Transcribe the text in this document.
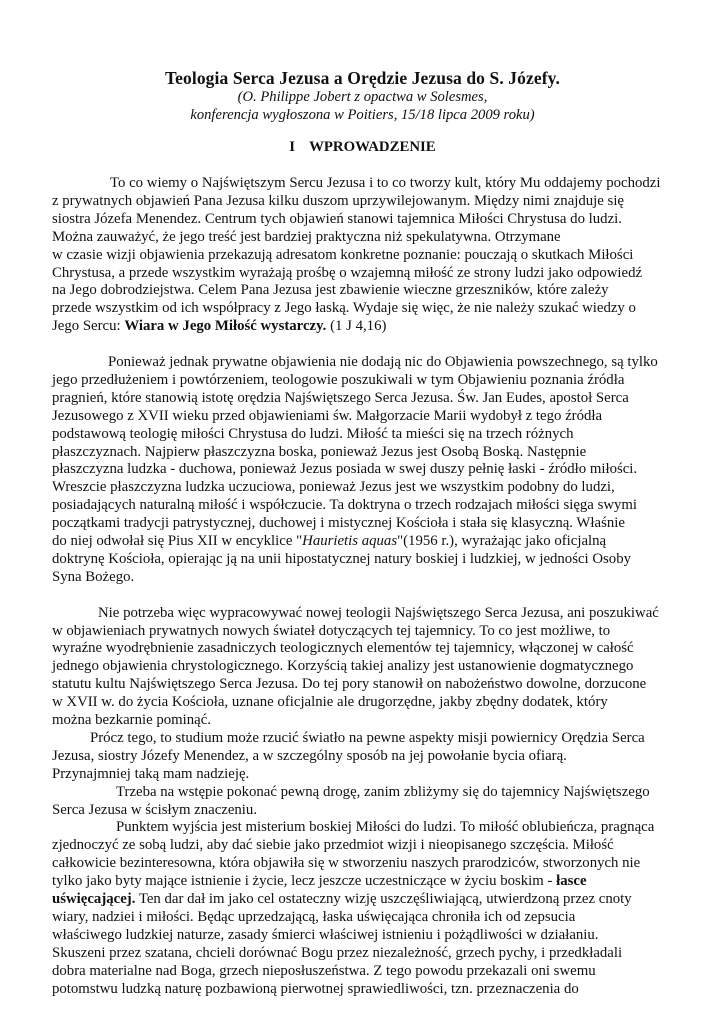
Teologia Serca Jezusa a Orędzie Jezusa do S. Józefy.
(O. Philippe Jobert z opactwa w Solesmes,
konferencja wygłoszona w Poitiers, 15/18 lipca 2009 roku)
I WPROWADZENIE
To co wiemy o Najświętszym Sercu Jezusa i to co tworzy kult, który Mu oddajemy pochodzi
z prywatnych objawień Pana Jezusa kilku duszom uprzywilejowanym. Między nimi znajduje się
siostra Józefa Menendez. Centrum tych objawień stanowi tajemnica Miłości Chrystusa do ludzi.
Można zauważyć, że jego treść jest bardziej praktyczna niż spekulatywna. Otrzymane
w czasie wizji objawienia przekazują adresatom konkretne poznanie: pouczają o skutkach Miłości
Chrystusa, a przede wszystkim wyrażają prośbę o wzajemną miłość ze strony ludzi jako odpowiedź
na Jego dobrodziejstwa. Celem Pana Jezusa jest zbawienie wieczne grzeszników, które zależy
przede wszystkim od ich współpracy z Jego łaską. Wydaje się więc, że nie należy szukać wiedzy o
Jego Sercu: Wiara w Jego Miłość wystarczy. (1 J 4,16)
Ponieważ jednak prywatne objawienia nie dodają nic do Objawienia powszechnego, są tylko
jego przedłużeniem i powtórzeniem, teologowie poszukiwali w tym Objawieniu poznania źródła
pragnień, które stanowią istotę orędzia Najświętszego Serca Jezusa. Św. Jan Eudes, apostoł Serca
Jezusowego z XVII wieku przed objawieniami św. Małgorzacie Marii wydobył z tego źródła
podstawową teologię miłości Chrystusa do ludzi. Miłość ta mieści się na trzech różnych
płaszczyznach. Najpierw płaszczyzna boska, ponieważ Jezus jest Osobą Boską. Następnie
płaszczyzna ludzka - duchowa, ponieważ Jezus posiada w swej duszy pełnię łaski - źródło miłości.
Wreszcie płaszczyzna ludzka uczuciowa, ponieważ Jezus jest we wszystkim podobny do ludzi,
posiadających naturalną miłość i współczucie. Ta doktryna o trzech rodzajach miłości sięga swymi
początkami tradycji patrystycznej, duchowej i mistycznej Kościoła i stała się klasyczną. Właśnie
do niej odwołał się Pius XII w encyklice "Haurietis aquas"(1956 r.), wyrażając jako oficjalną
doktrynę Kościoła, opierając ją na unii hipostatycznej natury boskiej i ludzkiej, w jedności Osoby
Syna Bożego.
Nie potrzeba więc wypracowywać nowej teologii Najświętszego Serca Jezusa, ani poszukiwać
w objawieniach prywatnych nowych świateł dotyczących tej tajemnicy. To co jest możliwe, to
wyraźne wyodrębnienie zasadniczych teologicznych elementów tej tajemnicy, włączonej w całość
jednego objawienia chrystologicznego. Korzyścią takiej analizy jest ustanowienie dogmatycznego
statutu kultu Najświętszego Serca Jezusa. Do tej pory stanowił on nabożeństwo dowolne, dorzucone
w XVII w. do życia Kościoła, uznane oficjalnie ale drugorzędne, jakby zbędny dodatek, który
można bezkarnie pominąć.
Prócz tego, to studium może rzucić światło na pewne aspekty misji powiernicy Orędzia Serca
Jezusa, siostry Józefy Menendez, a w szczególny sposób na jej powołanie bycia ofiarą.
Przynajmniej taką mam nadzieję.
Trzeba na wstępie pokonać pewną drogę, zanim zbliżymy się do tajemnicy Najświętszego
Serca Jezusa w ścisłym znaczeniu.
Punktem wyjścia jest misterium boskiej Miłości do ludzi. To miłość oblubieńcza, pragnąca
zjednoczyć ze sobą ludzi, aby dać siebie jako przedmiot wizji i nieopisanego szczęścia. Miłość
całkowicie bezinteresowna, która objawiła się w stworzeniu naszych prarodziców, stworzonych nie
tylko jako byty mające istnienie i życie, lecz jeszcze uczestniczące w życiu boskim - łasce
uświęcającej. Ten dar dał im jako cel ostateczny wizję uszczęśliwiającą, utwierdzoną przez cnoty
wiary, nadziei i miłości. Będąc uprzedzającą, łaska uświęcająca chroniła ich od zepsucia
właściwego ludzkiej naturze, zasady śmierci właściwej istnieniu i pożądliwości w działaniu.
Skuszeni przez szatana, chcieli dorównać Bogu przez niezależność, grzech pychy, i przedkładali
dobra materialne nad Boga, grzech nieposłuszeństwa. Z tego powodu przekazali oni swemu
potomstwu ludzką naturę pozbawioną pierwotnej sprawiedliwości, tzn. przeznaczenia do
